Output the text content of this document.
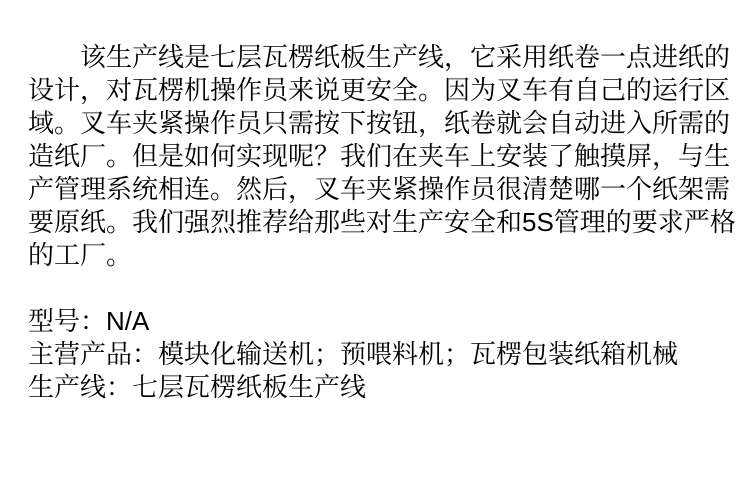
该生产线是七层瓦楞纸板生产线，它采用纸卷一点进纸的
设计，对瓦楞机操作员来说更安全。因为叉车有自己的运行区
域。叉车夹紧操作员只需按下按钮，纸卷就会自动进入所需的
造纸厂。但是如何实现呢？我们在夹车上安装了触摸屏，与生
产管理系统相连。然后，叉车夹紧操作员很清楚哪一个纸架需
要原纸。我们强烈推荐给那些对生产安全和5S管理的要求严格
的工厂。
型号：N/A
主营产品：模块化输送机；预喂料机；瓦楞包装纸箱机械
生产线：七层瓦楞纸板生产线
